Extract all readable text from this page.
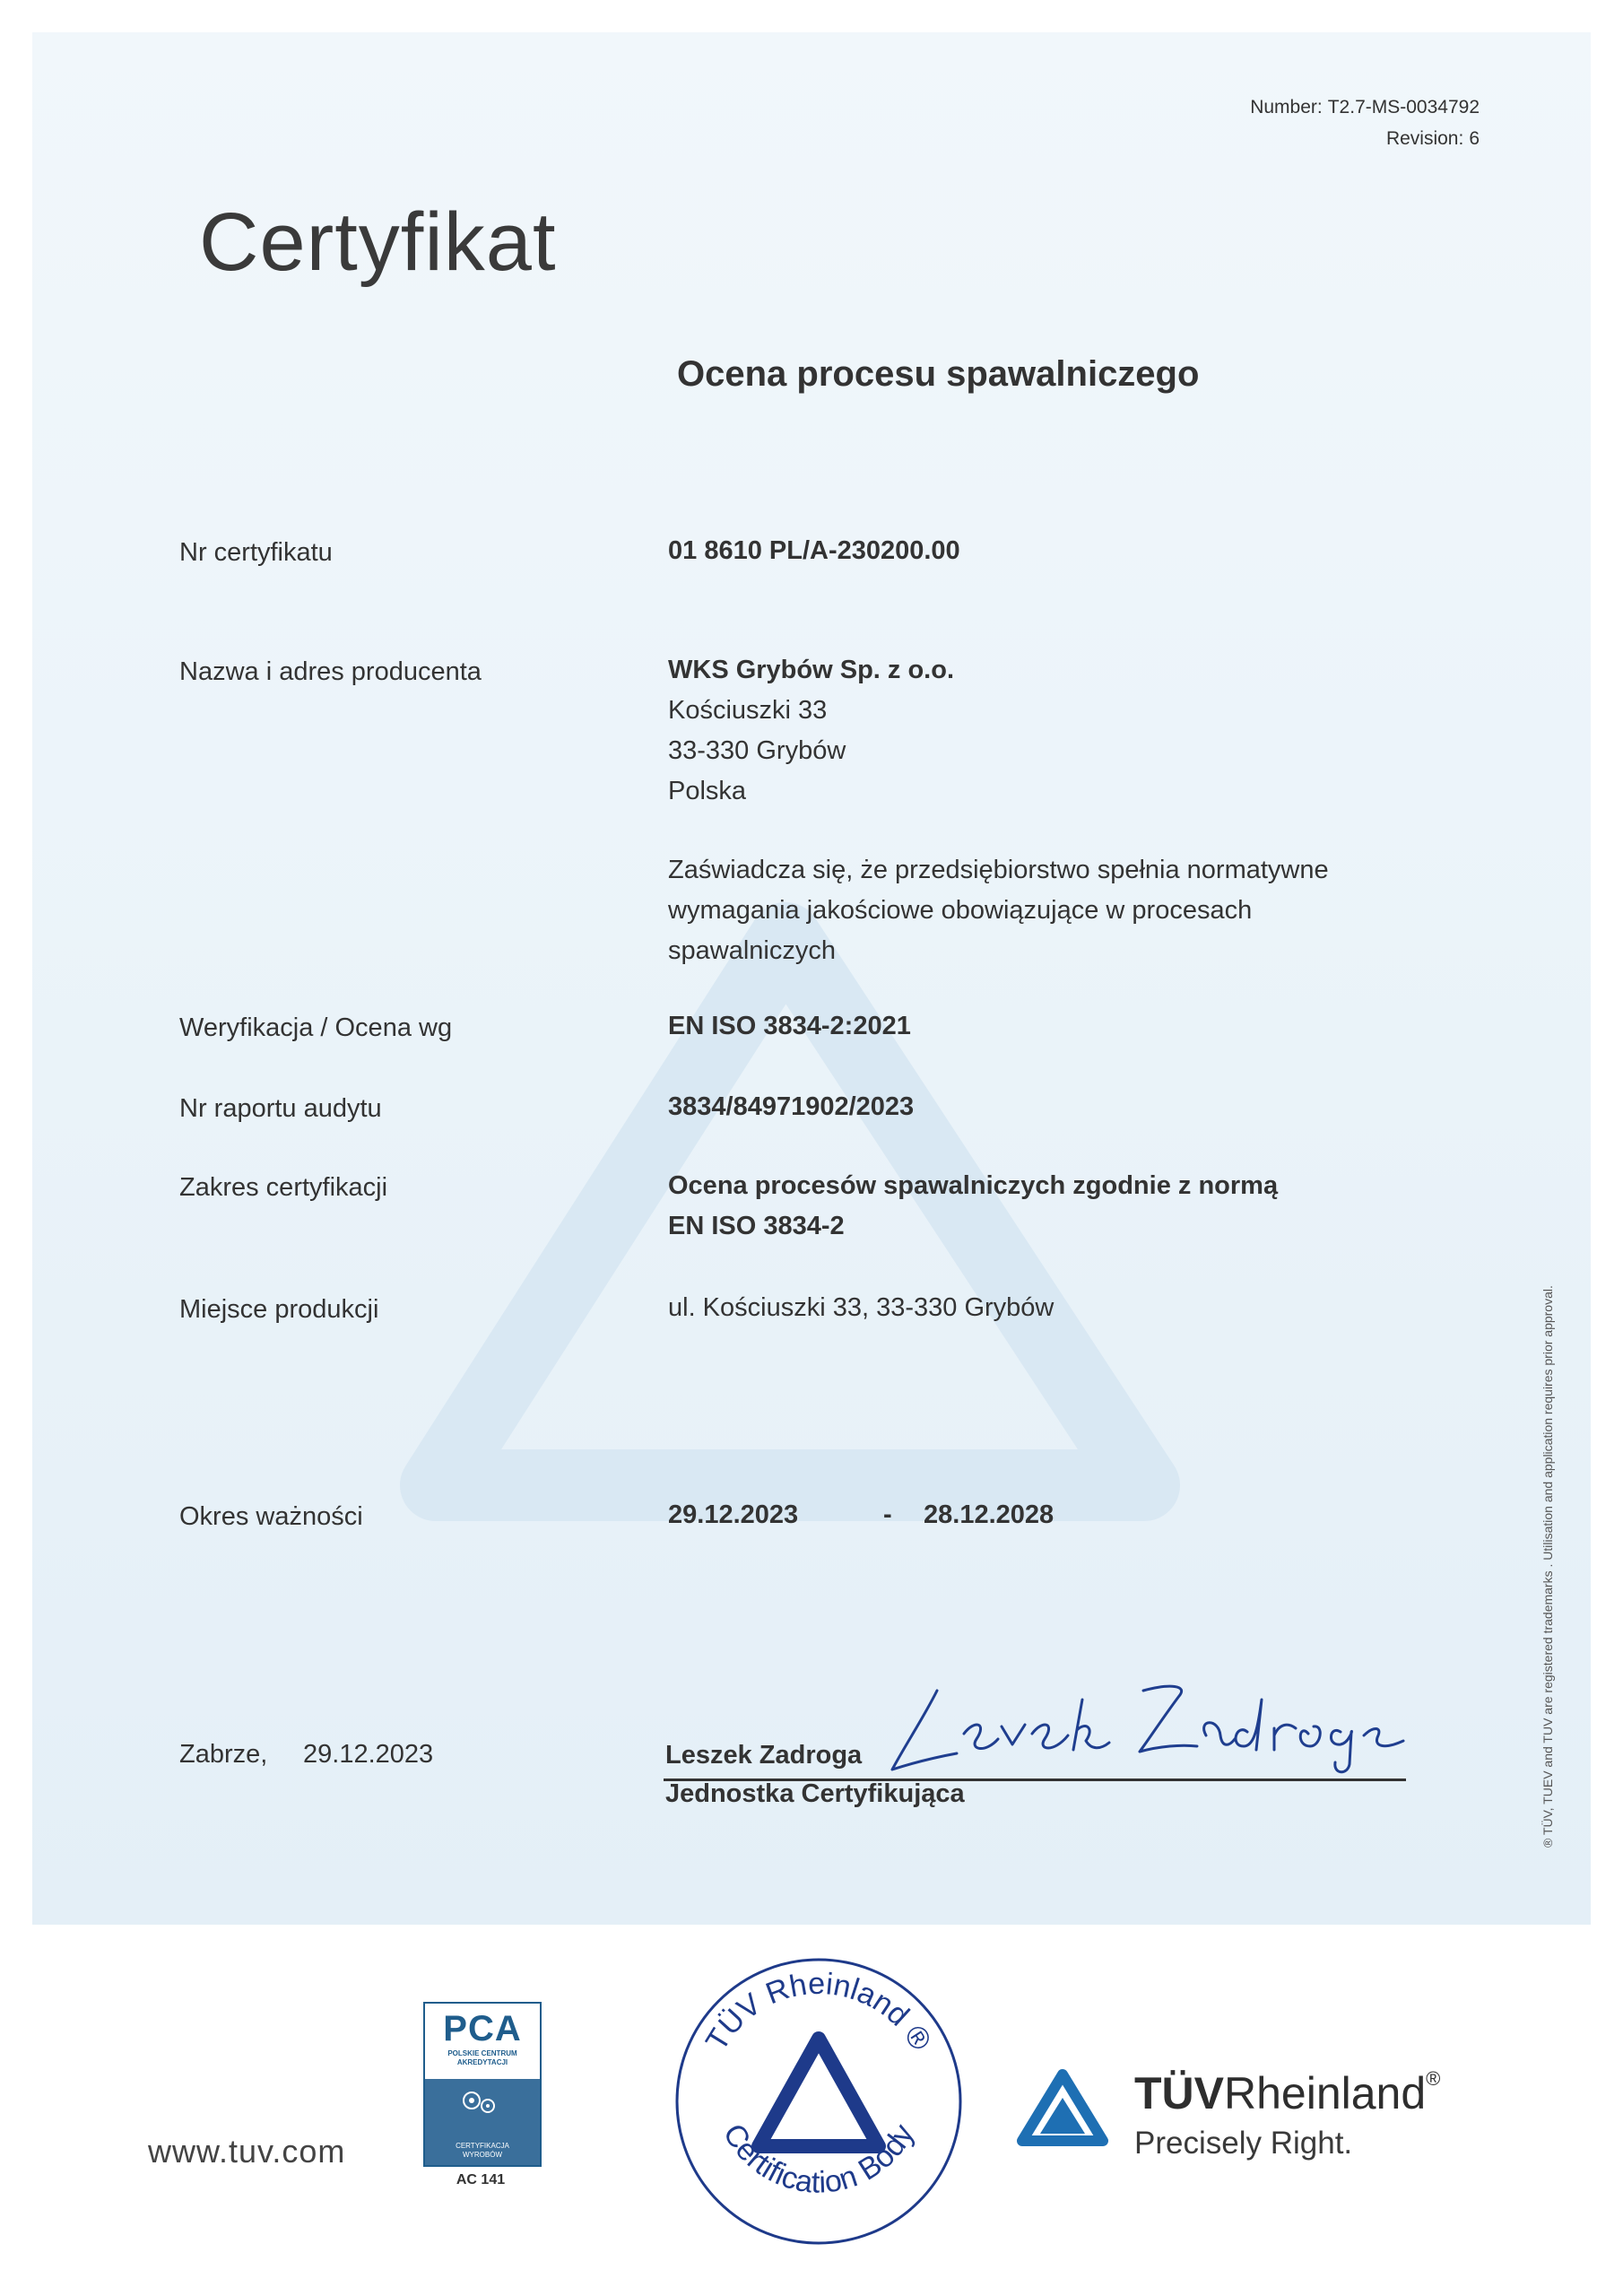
Number: T2.7-MS-0034792
Revision: 6
Certyfikat
Ocena procesu spawalniczego
Nr certyfikatu	01 8610 PL/A-230200.00
Nazwa i adres producenta	WKS Grybów Sp. z o.o.
Kościuszki 33
33-330 Grybów
Polska
Zaświadcza się, że przedsiębiorstwo spełnia normatywne
wymagania jakościowe obowiązujące w procesach
spawalniczych
Weryfikacja / Ocena wg	EN ISO 3834-2:2021
Nr raportu audytu	3834/84971902/2023
Zakres certyfikacji	Ocena procesów spawalniczych zgodnie z normą
EN ISO 3834-2
Miejsce produkcji	ul. Kościuszki 33, 33-330 Grybów
Okres ważności	29.12.2023	- 28.12.2028
Zabrze, 29.12.2023	Leszek Zadroga
Jednostka Certyfikująca	® TÜV, TUEV and TUV are registered trademarks . Utilisation and application requires prior approval.
www.tuv.com
PCA
POLSKIE CENTRUM
AKREDYTACJI
CERTYFIKACJA
WYROBÓW
AC 141
TÜV Rheinland ®
Certification Body
TÜVRheinland®
Precisely Right.
